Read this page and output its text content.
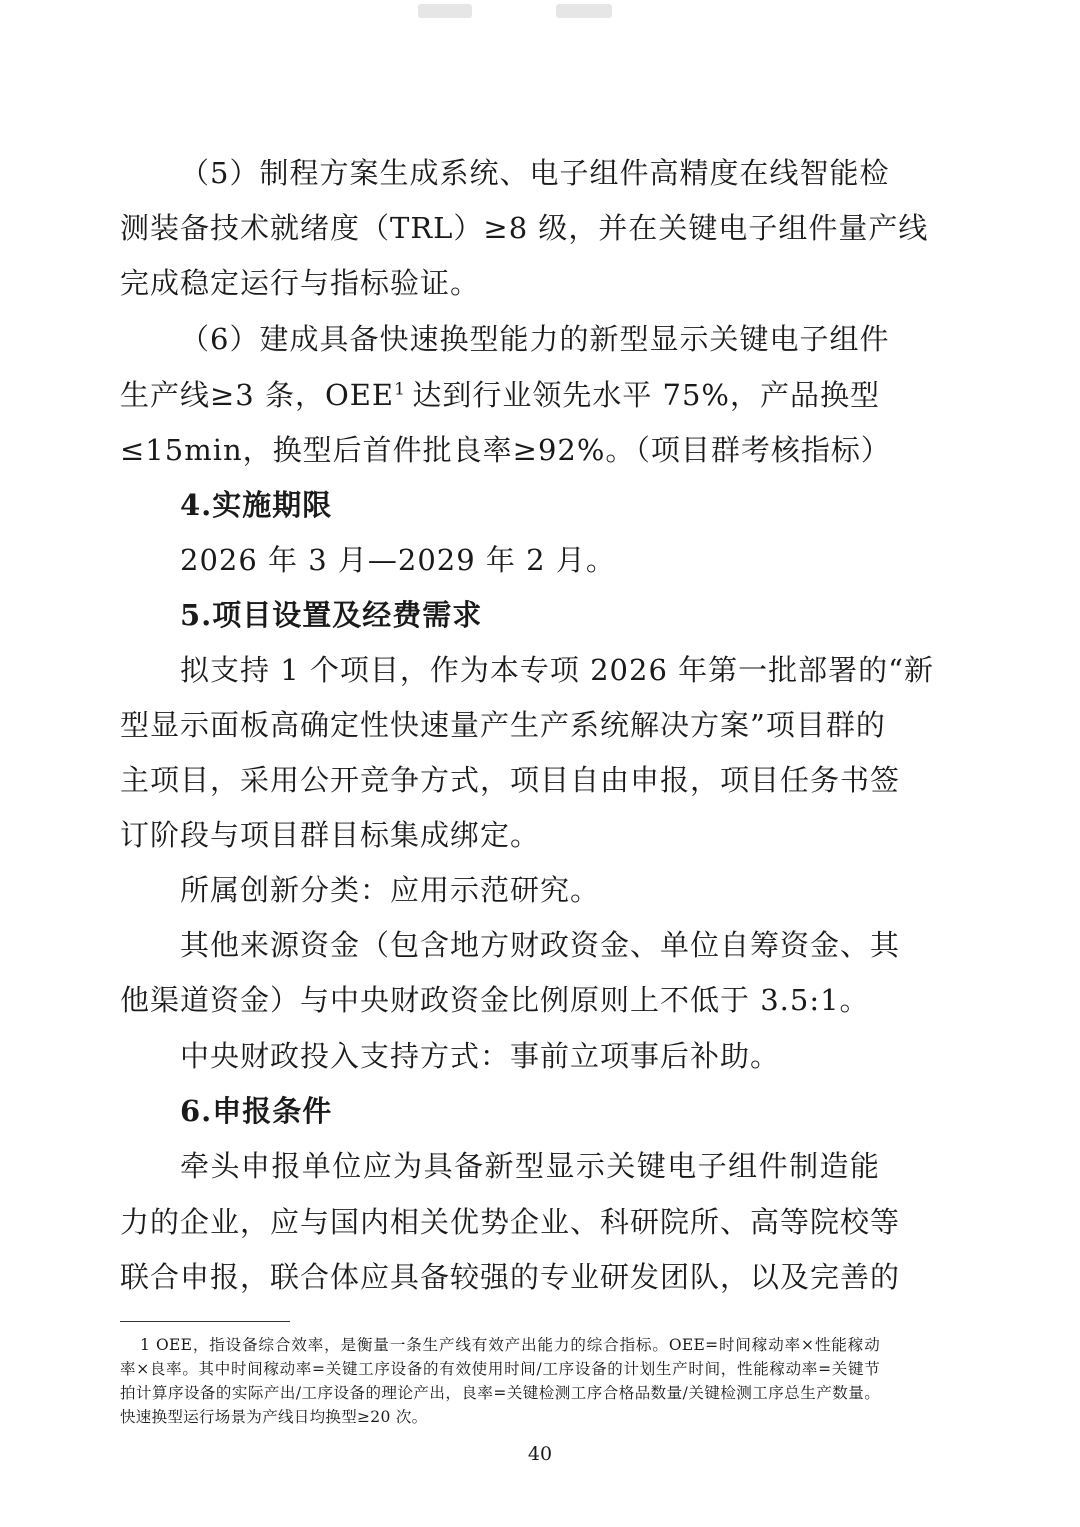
（5）制程方案生成系统、电子组件高精度在线智能检
测装备技术就绪度（TRL）≥8 级，并在关键电子组件量产线
完成稳定运行与指标验证。
（6）建成具备快速换型能力的新型显示关键电子组件
生产线≥3 条，OEE$^1$ 达到行业领先水平 75%，产品换型
≤15min，换型后首件批良率≥92%。（项目群考核指标）
4.实施期限
2026 年 3 月—2029 年 2 月。
5.项目设置及经费需求
拟支持 1 个项目，作为本专项 2026 年第一批部署的“新
型显示面板高确定性快速量产生产系统解决方案”项目群的
主项目，采用公开竞争方式，项目自由申报，项目任务书签
订阶段与项目群目标集成绑定。
所属创新分类：应用示范研究。
其他来源资金（包含地方财政资金、单位自筹资金、其
他渠道资金）与中央财政资金比例原则上不低于 3.5:1。
中央财政投入支持方式：事前立项事后补助。
6.申报条件
牵头申报单位应为具备新型显示关键电子组件制造能
力的企业，应与国内相关优势企业、科研院所、高等院校等
联合申报，联合体应具备较强的专业研发团队，以及完善的
1 OEE，指设备综合效率，是衡量一条生产线有效产出能力的综合指标。OEE=时间稼动率×性能稼动
率×良率。其中时间稼动率=关键工序设备的有效使用时间/工序设备的计划生产时间，性能稼动率=关键节
拍计算序设备的实际产出/工序设备的理论产出，良率=关键检测工序合格品数量/关键检测工序总生产数量。
快速换型运行场景为产线日均换型≥20 次。
40
